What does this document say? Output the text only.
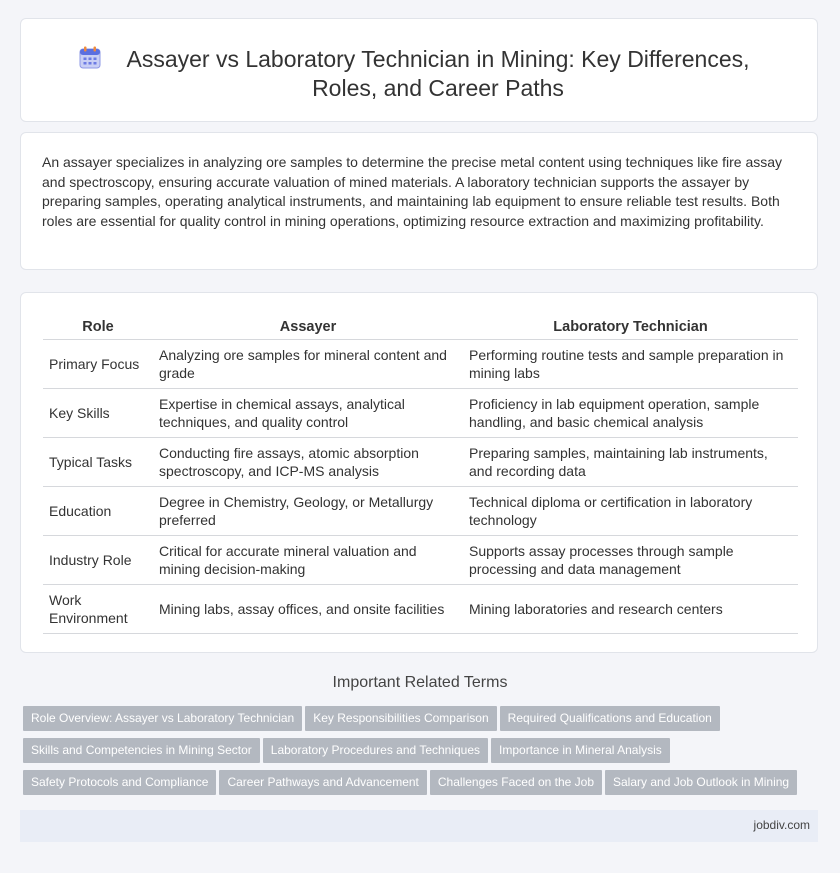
Assayer vs Laboratory Technician in Mining: Key Differences, Roles, and Career Paths

An assayer specializes in analyzing ore samples to determine the precise metal content using techniques like fire assay and spectroscopy, ensuring accurate valuation of mined materials. A laboratory technician supports the assayer by preparing samples, operating analytical instruments, and maintaining lab equipment to ensure reliable test results. Both roles are essential for quality control in mining operations, optimizing resource extraction and maximizing profitability.

Role	Assayer	Laboratory Technician
Primary Focus	Analyzing ore samples for mineral content and grade	Performing routine tests and sample preparation in mining labs
Key Skills	Expertise in chemical assays, analytical techniques, and quality control	Proficiency in lab equipment operation, sample handling, and basic chemical analysis
Typical Tasks	Conducting fire assays, atomic absorption spectroscopy, and ICP-MS analysis	Preparing samples, maintaining lab instruments, and recording data
Education	Degree in Chemistry, Geology, or Metallurgy preferred	Technical diploma or certification in laboratory technology
Industry Role	Critical for accurate mineral valuation and mining decision-making	Supports assay processes through sample processing and data management
Work Environment	Mining labs, assay offices, and onsite facilities	Mining laboratories and research centers
Important Related Terms
Role Overview: Assayer vs Laboratory Technician Key Responsibilities Comparison Required Qualifications and Education
Skills and Competencies in Mining Sector Laboratory Procedures and Techniques Importance in Mineral Analysis
Safety Protocols and Compliance Career Pathways and Advancement Challenges Faced on the Job Salary and Job Outlook in Mining
jobdiv.com
